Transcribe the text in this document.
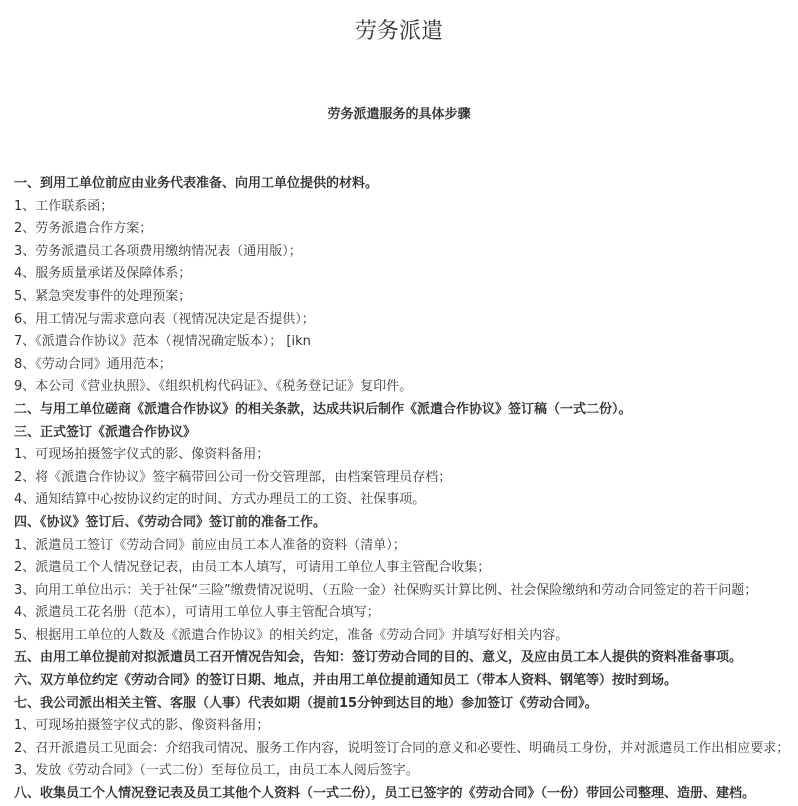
劳务派遣
劳务派遣服务的具体步骤
一、到用工单位前应由业务代表准备、向用工单位提供的材料。
1、工作联系函；
2、劳务派遣合作方案；
3、劳务派遣员工各项费用缴纳情况表（通用版）；
4、服务质量承诺及保障体系；
5、紧急突发事件的处理预案；
6、用工情况与需求意向表（视情况决定是否提供）；
7、《派遣合作协议》范本（视情况确定版本）； [ikn
8、《劳动合同》通用范本；
9、本公司《营业执照》、《组织机构代码证》、《税务登记证》复印件。
二、与用工单位磋商《派遣合作协议》的相关条款，达成共识后制作《派遣合作协议》签订稿（一式二份）。
三、正式签订《派遣合作协议》
1、可现场拍摄签字仪式的影、像资料备用；
2、将《派遣合作协议》签字稿带回公司一份交管理部，由档案管理员存档；
4、通知结算中心按协议约定的时间、方式办理员工的工资、社保事项。
四、《协议》签订后、《劳动合同》签订前的准备工作。
1、派遣员工签订《劳动合同》前应由员工本人准备的资料（清单）；
2、派遣员工个人情况登记表，由员工本人填写，可请用工单位人事主管配合收集；
3、向用工单位出示：关于社保“三险”缴费情况说明、（五险一金）社保购买计算比例、社会保险缴纳和劳动合同签定的若干问题；
4、派遣员工花名册（范本），可请用工单位人事主管配合填写；
5、根据用工单位的人数及《派遣合作协议》的相关约定，准备《劳动合同》并填写好相关内容。
五、由用工单位提前对拟派遣员工召开情况告知会，告知：签订劳动合同的目的、意义，及应由员工本人提供的资料准备事项。
六、双方单位约定《劳动合同》的签订日期、地点，并由用工单位提前通知员工（带本人资料、钢笔等）按时到场。
七、我公司派出相关主管、客服（人事）代表如期（提前15分钟到达目的地）参加签订《劳动合同》。
1、可现场拍摄签字仪式的影、像资料备用；
2、召开派遣员工见面会：介绍我司情况、服务工作内容，说明签订合同的意义和必要性、明确员工身份，并对派遣员工作出相应要求；
3、发放《劳动合同》（一式二份）至每位员工，由员工本人阅后签字。
八、收集员工个人情况登记表及员工其他个人资料（一式二份），员工已签字的《劳动合同》（一份）带回公司整理、造册、建档。
